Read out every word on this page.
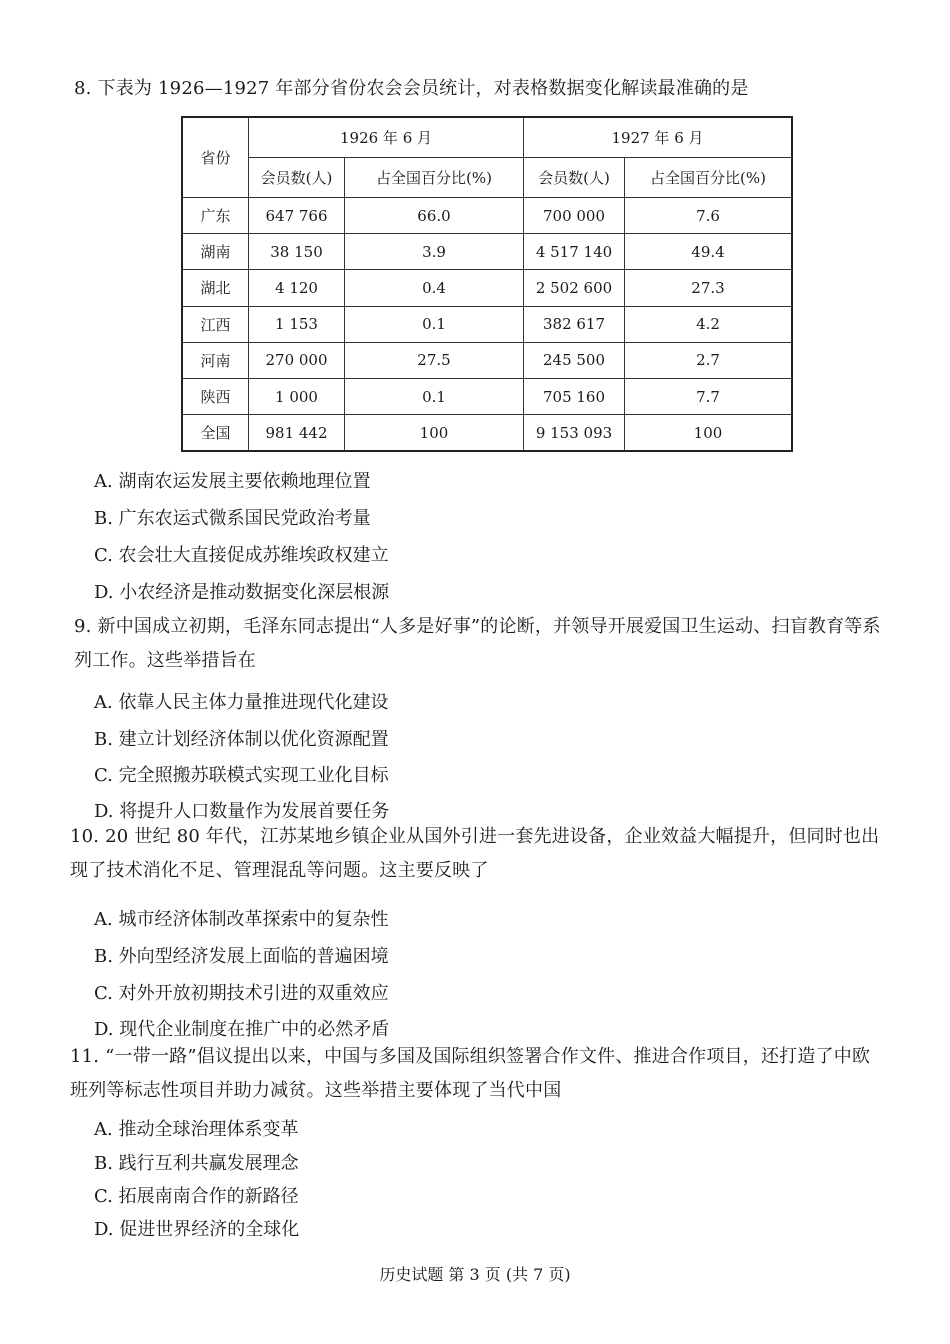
8. 下表为 1926—1927 年部分省份农会会员统计，对表格数据变化解读最准确的是
省份	1926 年 6 月		1927 年 6 月	
	会员数(人)	占全国百分比(%)	会员数(人)	占全国百分比(%)
广东	647 766	66.0	700 000	7.6
湖南	38 150	3.9	4 517 140	49.4
湖北	4 120	0.4	2 502 600	27.3
江西	1 153	0.1	382 617	4.2
河南	270 000	27.5	245 500	2.7
陕西	1 000	0.1	705 160	7.7
全国	981 442	100	9 153 093	100
A. 湖南农运发展主要依赖地理位置
B. 广东农运式微系国民党政治考量
C. 农会壮大直接促成苏维埃政权建立
D. 小农经济是推动数据变化深层根源
9. 新中国成立初期，毛泽东同志提出“人多是好事”的论断，并领导开展爱国卫生运动、扫盲教育等系列工作。这些举措旨在
A. 依靠人民主体力量推进现代化建设
B. 建立计划经济体制以优化资源配置
C. 完全照搬苏联模式实现工业化目标
D. 将提升人口数量作为发展首要任务
10. 20 世纪 80 年代，江苏某地乡镇企业从国外引进一套先进设备，企业效益大幅提升，但同时也出现了技术消化不足、管理混乱等问题。这主要反映了
A. 城市经济体制改革探索中的复杂性
B. 外向型经济发展上面临的普遍困境
C. 对外开放初期技术引进的双重效应
D. 现代企业制度在推广中的必然矛盾
11. “一带一路”倡议提出以来，中国与多国及国际组织签署合作文件、推进合作项目，还打造了中欧班列等标志性项目并助力减贫。这些举措主要体现了当代中国
A. 推动全球治理体系变革
B. 践行互利共赢发展理念
C. 拓展南南合作的新路径
D. 促进世界经济的全球化
历史试题 第 3 页 (共 7 页)
